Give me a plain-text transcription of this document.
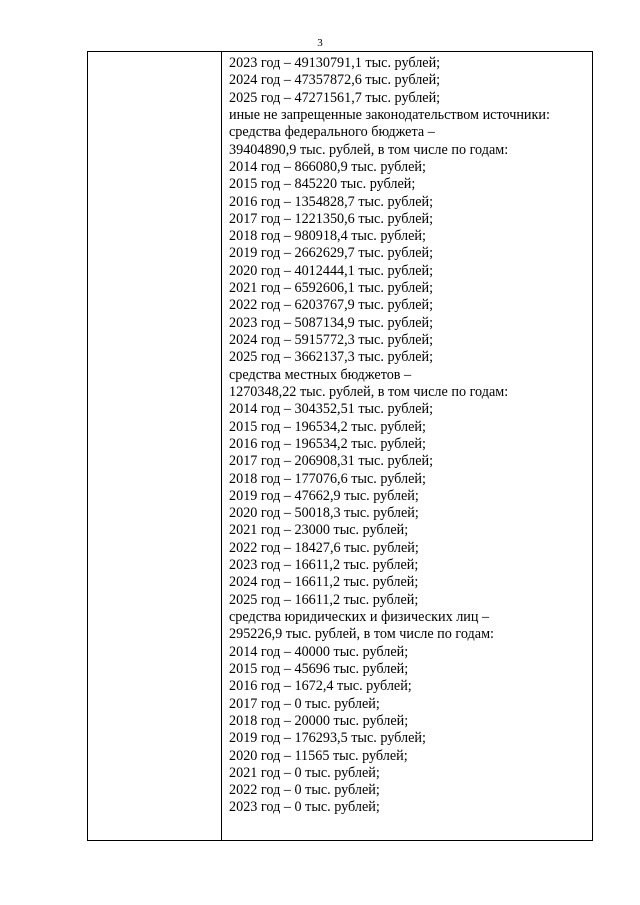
3
2023 год – 49130791,1 тыс. рублей;
2024 год – 47357872,6 тыс. рублей;
2025 год – 47271561,7 тыс. рублей;
иные не запрещенные законодательством источники:
средства федерального бюджета –
39404890,9 тыс. рублей, в том числе по годам:
2014 год – 866080,9 тыс. рублей;
2015 год – 845220 тыс. рублей;
2016 год – 1354828,7 тыс. рублей;
2017 год – 1221350,6 тыс. рублей;
2018 год – 980918,4 тыс. рублей;
2019 год – 2662629,7 тыс. рублей;
2020 год – 4012444,1 тыс. рублей;
2021 год – 6592606,1 тыс. рублей;
2022 год – 6203767,9 тыс. рублей;
2023 год – 5087134,9 тыс. рублей;
2024 год – 5915772,3 тыс. рублей;
2025 год – 3662137,3 тыс. рублей;
средства местных бюджетов –
1270348,22 тыс. рублей, в том числе по годам:
2014 год – 304352,51 тыс. рублей;
2015 год – 196534,2 тыс. рублей;
2016 год – 196534,2 тыс. рублей;
2017 год – 206908,31 тыс. рублей;
2018 год – 177076,6 тыс. рублей;
2019 год – 47662,9 тыс. рублей;
2020 год – 50018,3 тыс. рублей;
2021 год – 23000 тыс. рублей;
2022 год – 18427,6 тыс. рублей;
2023 год – 16611,2 тыс. рублей;
2024 год – 16611,2 тыс. рублей;
2025 год – 16611,2 тыс. рублей;
средства юридических и физических лиц –
295226,9 тыс. рублей, в том числе по годам:
2014 год – 40000 тыс. рублей;
2015 год – 45696 тыс. рублей;
2016 год – 1672,4 тыс. рублей;
2017 год – 0 тыс. рублей;
2018 год – 20000 тыс. рублей;
2019 год – 176293,5 тыс. рублей;
2020 год – 11565 тыс. рублей;
2021 год – 0 тыс. рублей;
2022 год – 0 тыс. рублей;
2023 год – 0 тыс. рублей;
